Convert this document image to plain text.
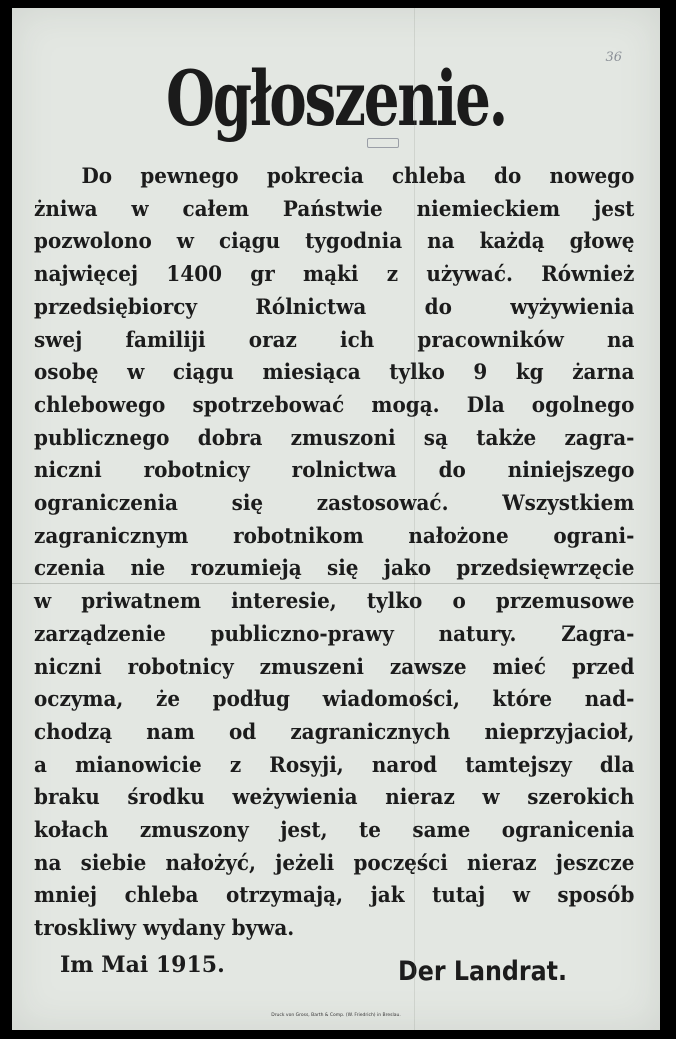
36
Ogłoszenie.
Do pewnego pokrecia chleba do nowego
żniwa w całem Państwie niemieckiem jest
pozwolono w ciągu tygodnia na każdą głowę
najwięcej 1400 gr mąki z używać. Również
przedsiębiorcy Rólnictwa do wyżywienia
swej familiji oraz ich pracowników na
osobę w ciągu miesiąca tylko 9 kg żarna
chlebowego spotrzebować mogą. Dla ogolnego
publicznego dobra zmuszoni są także zagra-
niczni robotnicy rolnictwa do niniejszego
ograniczenia się zastosować. Wszystkiem
zagranicznym robotnikom nałożone ograni-
czenia nie rozumieją się jako przedsięwrzęcie
w priwatnem interesie, tylko o przemusowe
zarządzenie publiczno-prawy natury. Zagra-
niczni robotnicy zmuszeni zawsze mieć przed
oczyma, że podług wiadomości, które nad-
chodzą nam od zagranicznych nieprzyjacioł,
a mianowicie z Rosyji, narod tamtejszy dla
braku środku weżywienia nieraz w szerokich
kołach zmuszony jest, te same ogranicenia
na siebie nałożyć, jeżeli poczęści nieraz jeszcze
mniej chleba otrzymają, jak tutaj w sposób
troskliwy wydany bywa.
Im Mai 1915.	Der Landrat.
Druck von Gross, Barth & Comp. (W. Friedrich) in Breslau.
